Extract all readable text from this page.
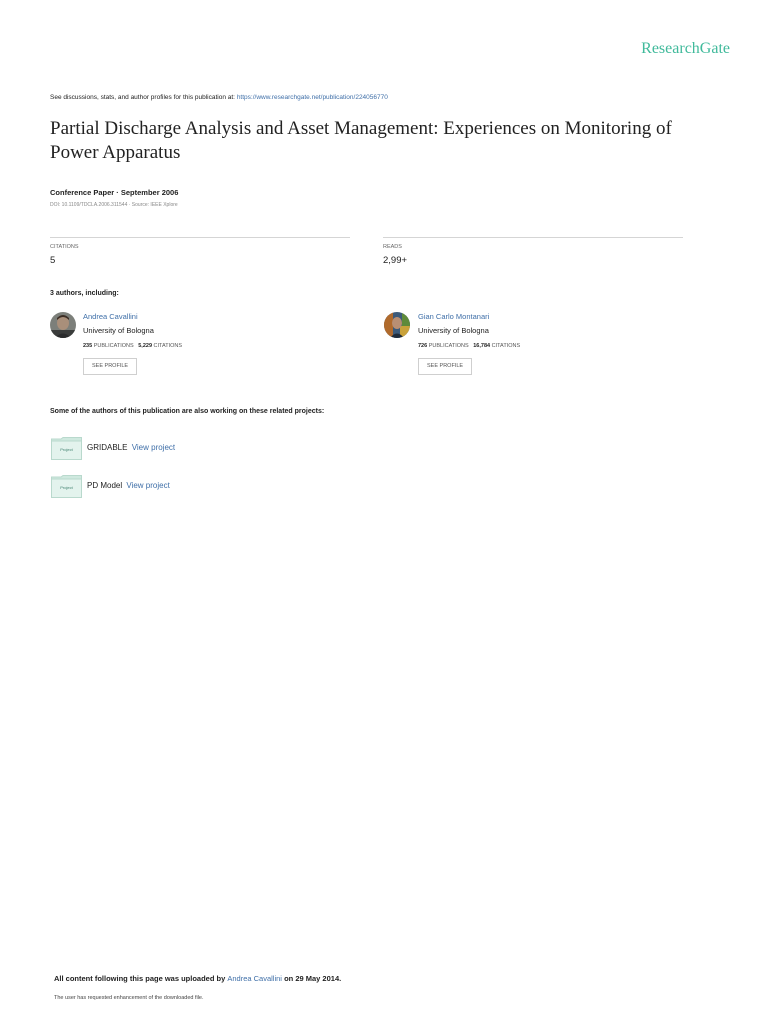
ResearchGate
See discussions, stats, and author profiles for this publication at: https://www.researchgate.net/publication/224056770
Partial Discharge Analysis and Asset Management: Experiences on Monitoring of Power Apparatus
Conference Paper · September 2006
DOI: 10.1109/TDCLA.2006.311544 · Source: IEEE Xplore
CITATIONS
5
READS
2,99+
3 authors, including:
Andrea Cavallini
University of Bologna
235 PUBLICATIONS 5,229 CITATIONS
SEE PROFILE
Gian Carlo Montanari
University of Bologna
726 PUBLICATIONS 16,784 CITATIONS
SEE PROFILE
Some of the authors of this publication are also working on these related projects:
Project	GRIDABLE View project
Project	PD Model View project
All content following this page was uploaded by Andrea Cavallini on 29 May 2014.
The user has requested enhancement of the downloaded file.
